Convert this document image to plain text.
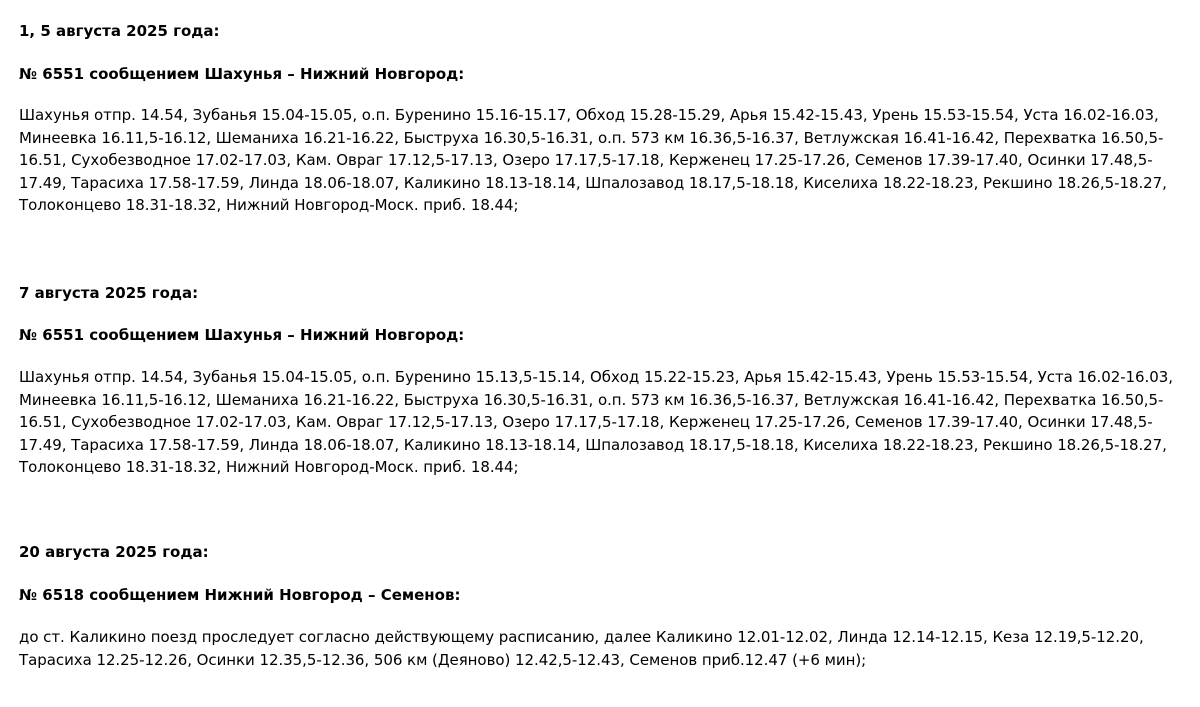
1, 5 августа 2025 года:

№ 6551 сообщением Шахунья – Нижний Новгород:

Шахунья отпр. 14.54, Зубанья 15.04-15.05, о.п. Буренино 15.16-15.17, Обход 15.28-15.29, Арья 15.42-15.43, Урень 15.53-15.54, Уста 16.02-16.03, Минеевка 16.11,5-16.12, Шеманиха 16.21-16.22, Быструха 16.30,5-16.31, о.п. 573 км 16.36,5-16.37, Ветлужская 16.41-16.42, Перехватка 16.50,5-16.51, Сухобезводное 17.02-17.03, Кам. Овраг 17.12,5-17.13, Озеро 17.17,5-17.18, Керженец 17.25-17.26, Семенов 17.39-17.40, Осинки 17.48,5-17.49, Тарасиха 17.58-17.59, Линда 18.06-18.07, Каликино 18.13-18.14, Шпалозавод 18.17,5-18.18, Киселиха 18.22-18.23, Рекшино 18.26,5-18.27, Толоконцево 18.31-18.32, Нижний Новгород-Моск. приб. 18.44;

7 августа 2025 года:

№ 6551 сообщением Шахунья – Нижний Новгород:

Шахунья отпр. 14.54, Зубанья 15.04-15.05, о.п. Буренино 15.13,5-15.14, Обход 15.22-15.23, Арья 15.42-15.43, Урень 15.53-15.54, Уста 16.02-16.03, Минеевка 16.11,5-16.12, Шеманиха 16.21-16.22, Быструха 16.30,5-16.31, о.п. 573 км 16.36,5-16.37, Ветлужская 16.41-16.42, Перехватка 16.50,5-16.51, Сухобезводное 17.02-17.03, Кам. Овраг 17.12,5-17.13, Озеро 17.17,5-17.18, Керженец 17.25-17.26, Семенов 17.39-17.40, Осинки 17.48,5-17.49, Тарасиха 17.58-17.59, Линда 18.06-18.07, Каликино 18.13-18.14, Шпалозавод 18.17,5-18.18, Киселиха 18.22-18.23, Рекшино 18.26,5-18.27, Толоконцево 18.31-18.32, Нижний Новгород-Моск. приб. 18.44;

20 августа 2025 года:

№ 6518 сообщением Нижний Новгород – Семенов:

до ст. Каликино поезд проследует согласно действующему расписанию, далее Каликино 12.01-12.02, Линда 12.14-12.15, Кеза 12.19,5-12.20, Тарасиха 12.25-12.26, Осинки 12.35,5-12.36, 506 км (Деяново) 12.42,5-12.43, Семенов приб.12.47 (+6 мин);
